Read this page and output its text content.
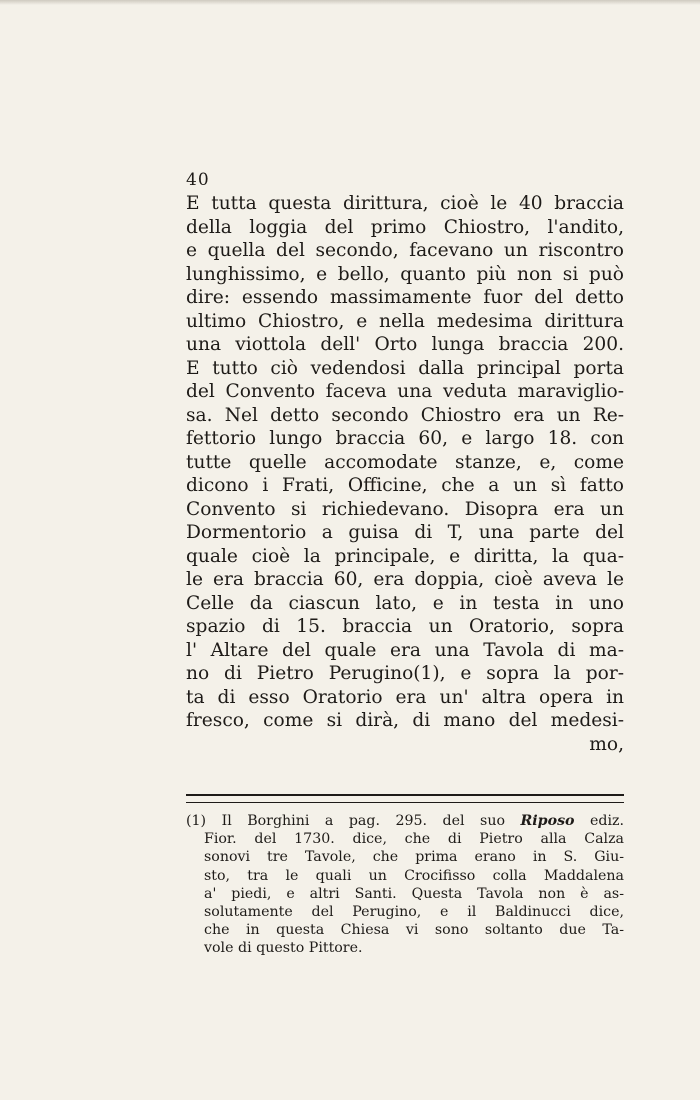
40
E tutta questa dirittura, cioè le 40 braccia
della loggia del primo Chiostro, l'andito,
e quella del secondo, facevano un riscontro
lunghissimo, e bello, quanto più non si può
dire: essendo massimamente fuor del detto
ultimo Chiostro, e nella medesima dirittura
una viottola dell' Orto lunga braccia 200.
E tutto ciò vedendosi dalla principal porta
del Convento faceva una veduta maraviglio-
sa. Nel detto secondo Chiostro era un Re-
fettorio lungo braccia 60, e largo 18. con
tutte quelle accomodate stanze, e, come
dicono i Frati, Officine, che a un sì fatto
Convento si richiedevano. Disopra era un
Dormentorio a guisa di T, una parte del
quale cioè la principale, e diritta, la qua-
le era braccia 60, era doppia, cioè aveva le
Celle da ciascun lato, e in testa in uno
spazio di 15. braccia un Oratorio, sopra
l' Altare del quale era una Tavola di ma-
no di Pietro Perugino(1), e sopra la por-
ta di esso Oratorio era un' altra opera in
fresco, come si dirà, di mano del medesi-
mo,
(1) Il Borghini a pag. 295. del suo Riposo ediz.
Fior. del 1730. dice, che di Pietro alla Calza
sonovi tre Tavole, che prima erano in S. Giu-
sto, tra le quali un Crocifisso colla Maddalena
a' piedi, e altri Santi. Questa Tavola non è as-
solutamente del Perugino, e il Baldinucci dice,
che in questa Chiesa vi sono soltanto due Ta-
vole di questo Pittore.
